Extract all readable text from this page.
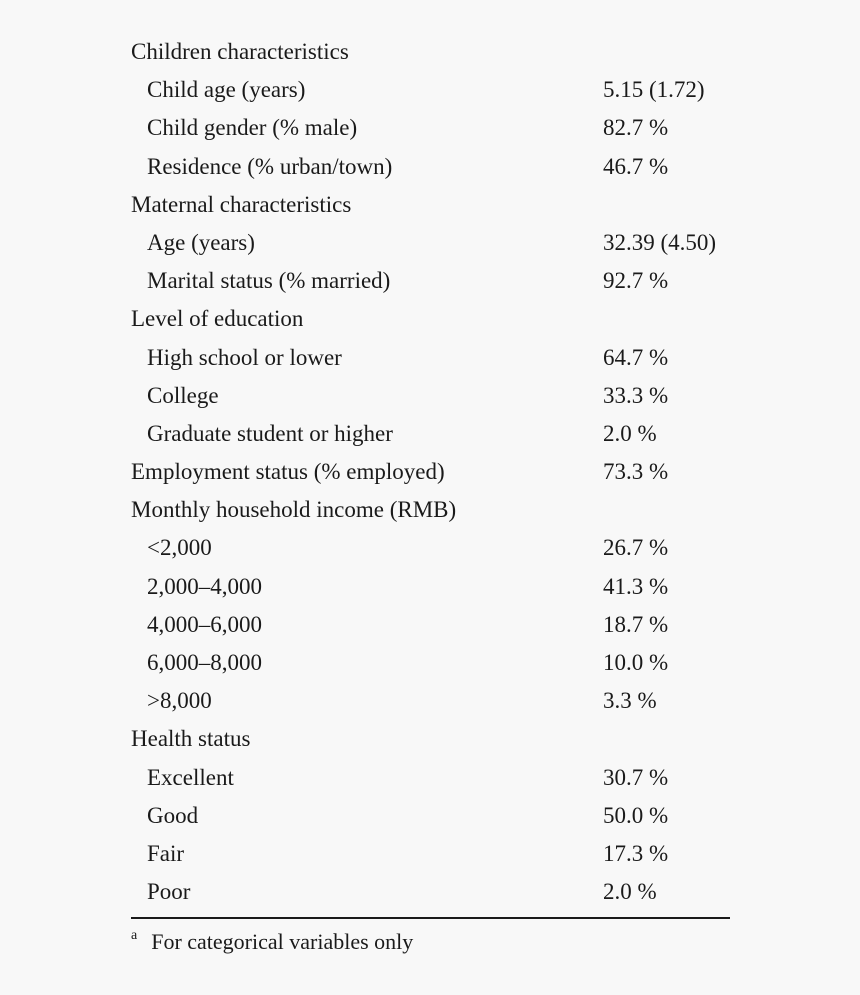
Children characteristics
Child age (years)	5.15 (1.72)
Child gender (% male)	82.7 %
Residence (% urban/town)	46.7 %
Maternal characteristics
Age (years)	32.39 (4.50)
Marital status (% married)	92.7 %
Level of education
High school or lower	64.7 %
College	33.3 %
Graduate student or higher	2.0 %
Employment status (% employed)	73.3 %
Monthly household income (RMB)
<2,000	26.7 %
2,000–4,000	41.3 %
4,000–6,000	18.7 %
6,000–8,000	10.0 %
>8,000	3.3 %
Health status
Excellent	30.7 %
Good	50.0 %
Fair	17.3 %
Poor	2.0 %
$^a$ For categorical variables only
